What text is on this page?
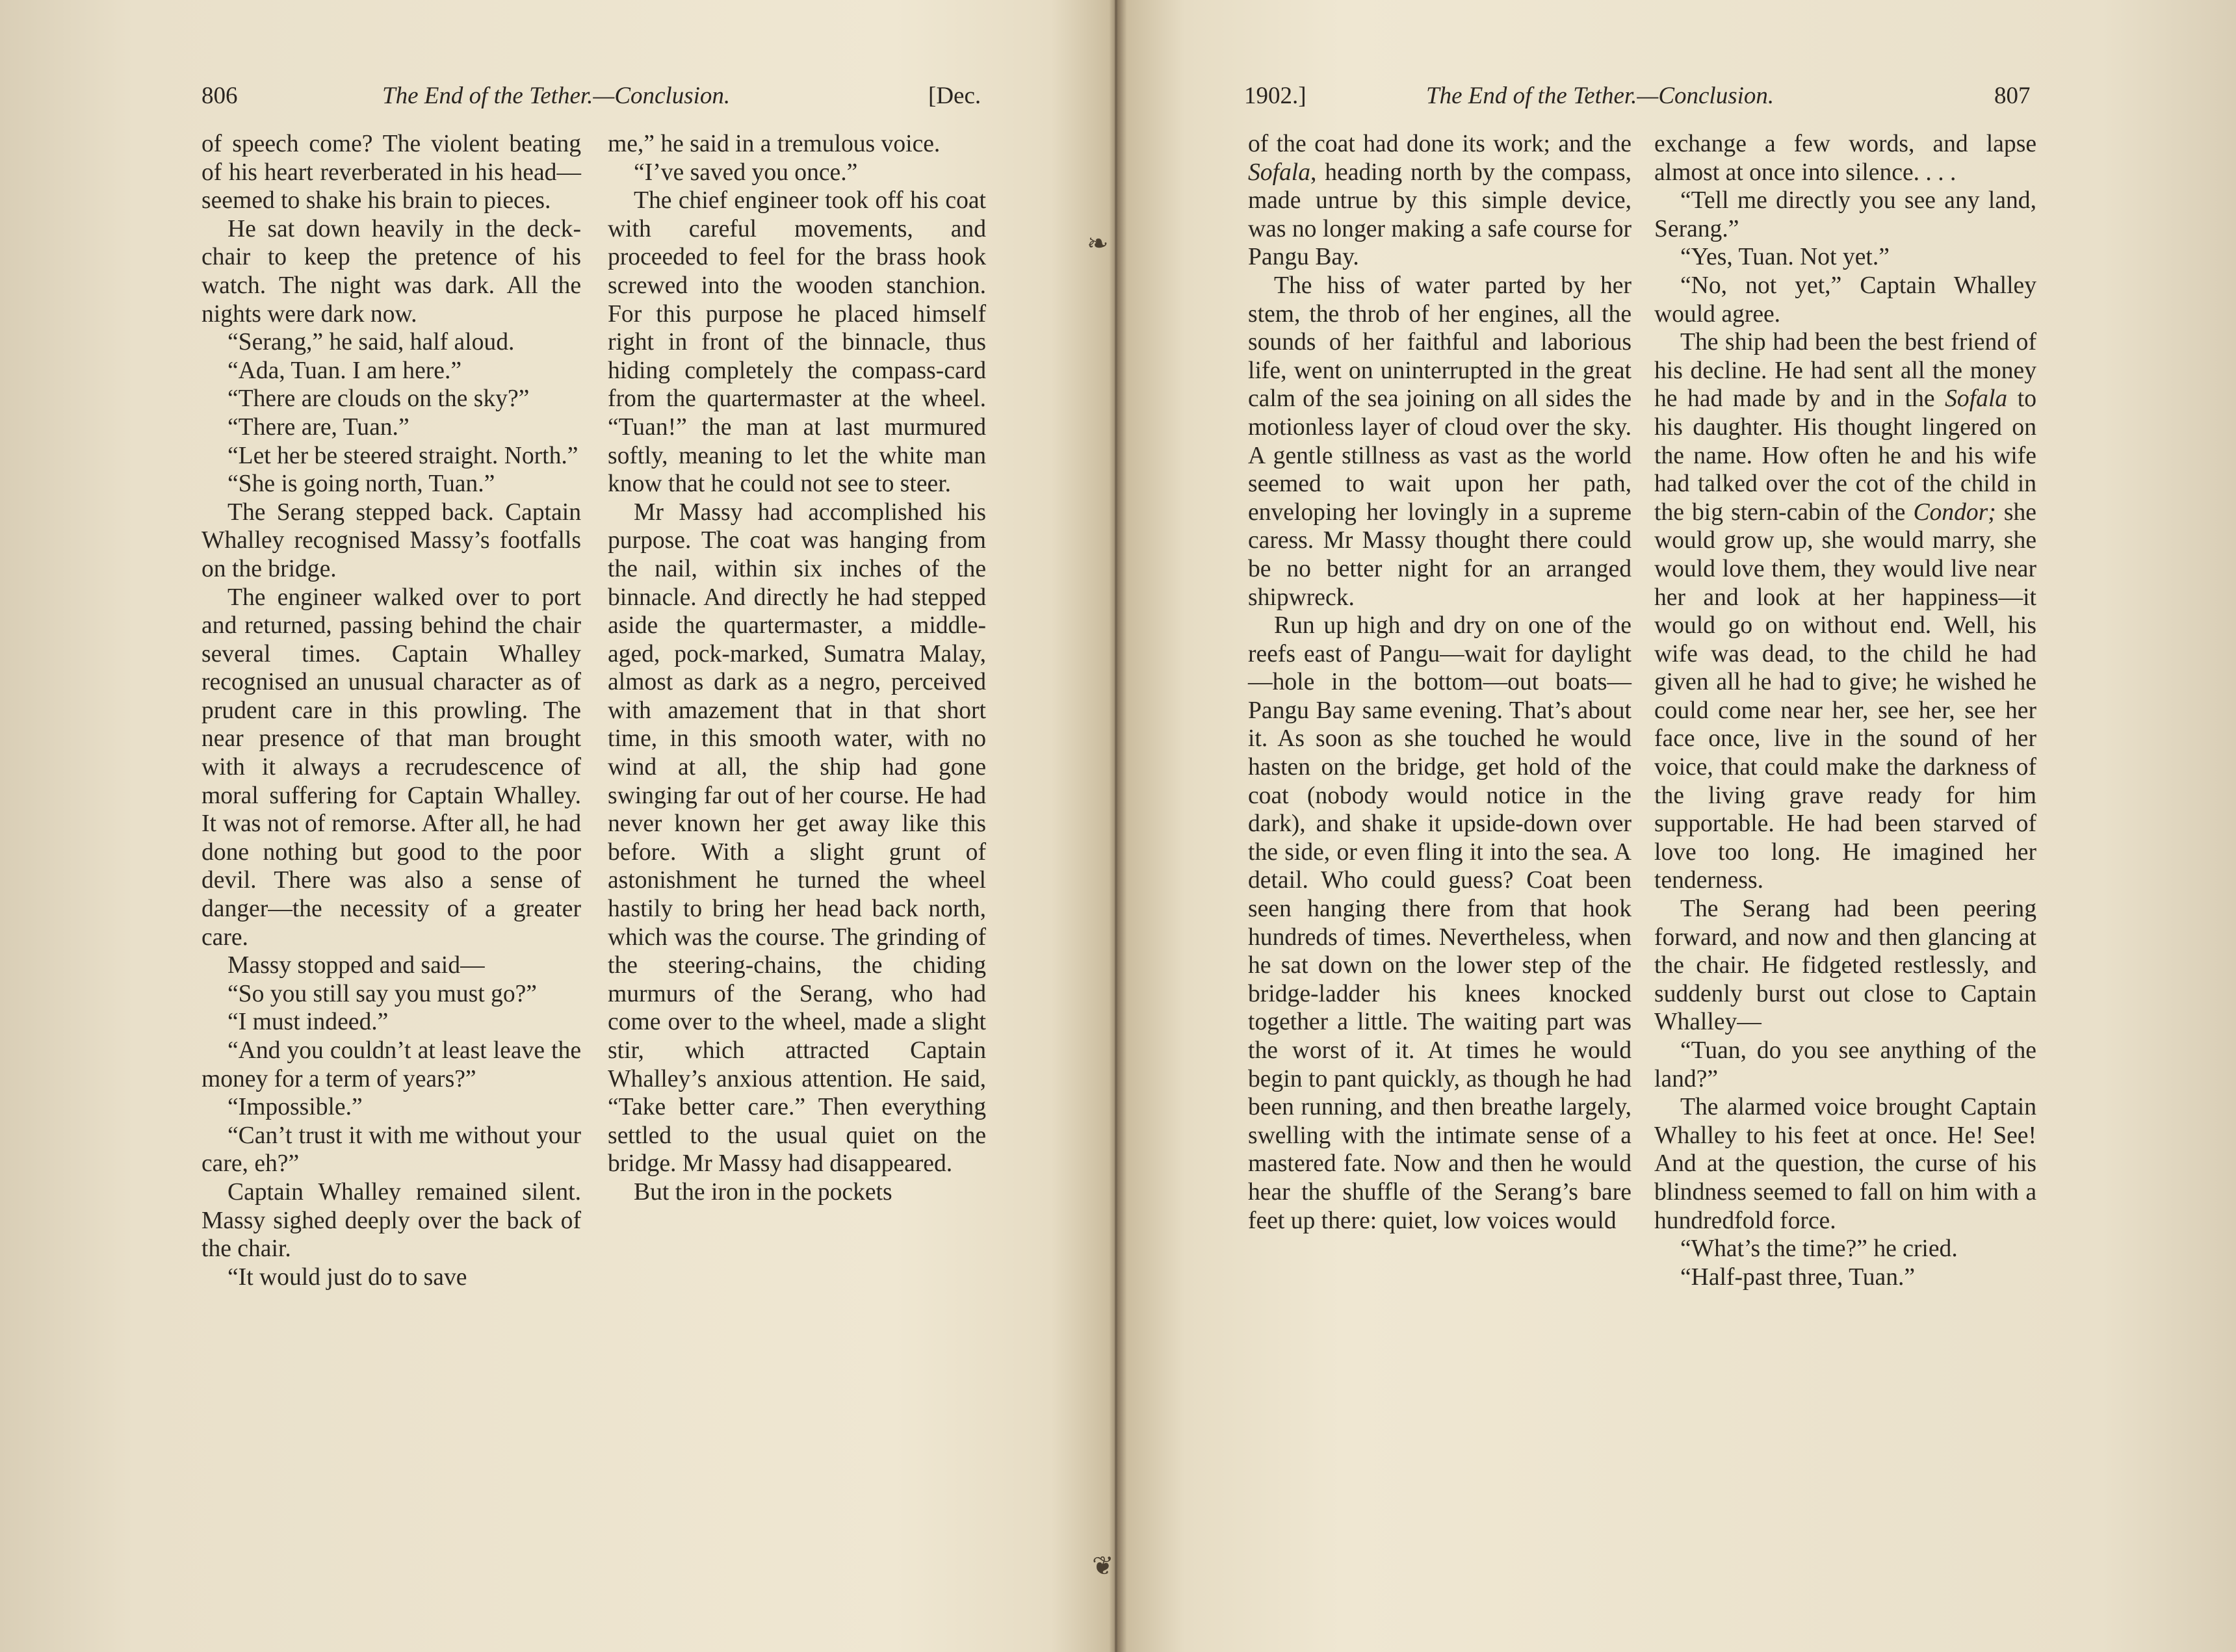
❧
❦
806	The End of the Tether.—Conclusion.	[Dec.

of speech come? The violent beating of his heart reverberated in his head—seemed to shake his brain to pieces.

He sat down heavily in the deck-chair to keep the pretence of his watch. The night was dark. All the nights were dark now.

“Serang,” he said, half aloud.

“Ada, Tuan. I am here.”

“There are clouds on the sky?”

“There are, Tuan.”

“Let her be steered straight. North.”

“She is going north, Tuan.”

The Serang stepped back. Captain Whalley recognised Massy’s footfalls on the bridge.

The engineer walked over to port and returned, passing behind the chair several times. Captain Whalley recognised an unusual character as of prudent care in this prowling. The near presence of that man brought with it always a recrudescence of moral suffering for Captain Whalley. It was not of remorse. After all, he had done nothing but good to the poor devil. There was also a sense of danger—the necessity of a greater care.

Massy stopped and said—

“So you still say you must go?”

“I must indeed.”

“And you couldn’t at least leave the money for a term of years?”

“Impossible.”

“Can’t trust it with me without your care, eh?”

Captain Whalley remained silent. Massy sighed deeply over the back of the chair.

“It would just do to save

me,” he said in a tremulous voice.

“I’ve saved you once.”

The chief engineer took off his coat with careful movements, and proceeded to feel for the brass hook screwed into the wooden stanchion. For this purpose he placed himself right in front of the binnacle, thus hiding completely the compass-card from the quartermaster at the wheel. “Tuan!” the man at last murmured softly, meaning to let the white man know that he could not see to steer.

Mr Massy had accomplished his purpose. The coat was hanging from the nail, within six inches of the binnacle. And directly he had stepped aside the quartermaster, a middle-aged, pock-marked, Sumatra Malay, almost as dark as a negro, perceived with amazement that in that short time, in this smooth water, with no wind at all, the ship had gone swinging far out of her course. He had never known her get away like this before. With a slight grunt of astonishment he turned the wheel hastily to bring her head back north, which was the course. The grinding of the steering-chains, the chiding murmurs of the Serang, who had come over to the wheel, made a slight stir, which attracted Captain Whalley’s anxious attention. He said, “Take better care.” Then everything settled to the usual quiet on the bridge. Mr Massy had disappeared.

But the iron in the pockets

1902.]	The End of the Tether.—Conclusion.	807

of the coat had done its work; and the Sofala, heading north by the compass, made untrue by this simple device, was no longer making a safe course for Pangu Bay.

The hiss of water parted by her stem, the throb of her engines, all the sounds of her faithful and laborious life, went on uninterrupted in the great calm of the sea joining on all sides the motionless layer of cloud over the sky. A gentle stillness as vast as the world seemed to wait upon her path, enveloping her lovingly in a supreme caress. Mr Massy thought there could be no better night for an arranged shipwreck.

Run up high and dry on one of the reefs east of Pangu—wait for daylight—hole in the bottom—out boats—Pangu Bay same evening. That’s about it. As soon as she touched he would hasten on the bridge, get hold of the coat (nobody would notice in the dark), and shake it upside-down over the side, or even fling it into the sea. A detail. Who could guess? Coat been seen hanging there from that hook hundreds of times. Nevertheless, when he sat down on the lower step of the bridge-ladder his knees knocked together a little. The waiting part was the worst of it. At times he would begin to pant quickly, as though he had been running, and then breathe largely, swelling with the intimate sense of a mastered fate. Now and then he would hear the shuffle of the Serang’s bare feet up there: quiet, low voices would

exchange a few words, and lapse almost at once into silence. . . .

“Tell me directly you see any land, Serang.”

“Yes, Tuan. Not yet.”

“No, not yet,” Captain Whalley would agree.

The ship had been the best friend of his decline. He had sent all the money he had made by and in the Sofala to his daughter. His thought lingered on the name. How often he and his wife had talked over the cot of the child in the big stern-cabin of the Condor; she would grow up, she would marry, she would love them, they would live near her and look at her happiness—it would go on without end. Well, his wife was dead, to the child he had given all he had to give; he wished he could come near her, see her, see her face once, live in the sound of her voice, that could make the darkness of the living grave ready for him supportable. He had been starved of love too long. He imagined her tenderness.

The Serang had been peering forward, and now and then glancing at the chair. He fidgeted restlessly, and suddenly burst out close to Captain Whalley—

“Tuan, do you see anything of the land?”

The alarmed voice brought Captain Whalley to his feet at once. He! See! And at the question, the curse of his blindness seemed to fall on him with a hundredfold force.

“What’s the time?” he cried.

“Half-past three, Tuan.”
